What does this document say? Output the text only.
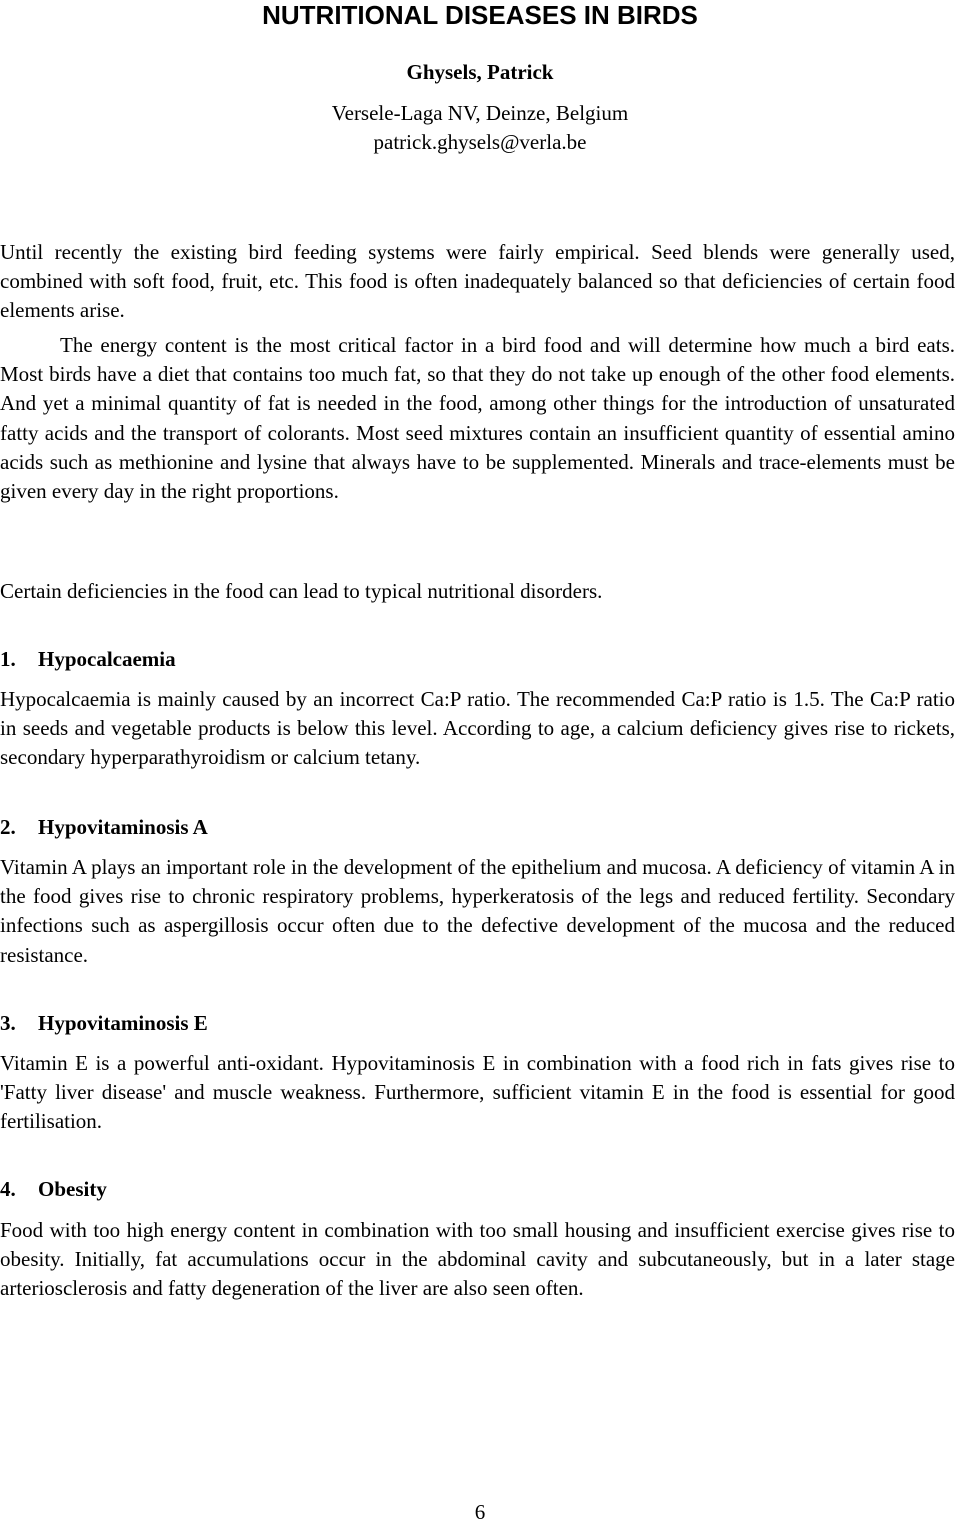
NUTRITIONAL DISEASES IN BIRDS
Ghysels, Patrick
Versele-Laga NV, Deinze, Belgium
patrick.ghysels@verla.be

Until recently the existing bird feeding systems were fairly empirical. Seed blends were generally used, combined with soft food, fruit, etc. This food is often inadequately balanced so that deficiencies of certain food elements arise.

The energy content is the most critical factor in a bird food and will determine how much a bird eats. Most birds have a diet that contains too much fat, so that they do not take up enough of the other food elements. And yet a minimal quantity of fat is needed in the food, among other things for the introduction of unsaturated fatty acids and the transport of colorants. Most seed mixtures contain an insufficient quantity of essential amino acids such as methionine and lysine that always have to be supplemented. Minerals and trace-elements must be given every day in the right proportions.

Certain deficiencies in the food can lead to typical nutritional disorders.

1. Hypocalcaemia

Hypocalcaemia is mainly caused by an incorrect Ca:P ratio. The recommended Ca:P ratio is 1.5. The Ca:P ratio in seeds and vegetable products is below this level. According to age, a calcium deficiency gives rise to rickets, secondary hyperparathyroidism or calcium tetany.

2. Hypovitaminosis A

Vitamin A plays an important role in the development of the epithelium and mucosa. A deficiency of vitamin A in the food gives rise to chronic respiratory problems, hyperkeratosis of the legs and reduced fertility. Secondary infections such as aspergillosis occur often due to the defective development of the mucosa and the reduced resistance.

3. Hypovitaminosis E

Vitamin E is a powerful anti-oxidant. Hypovitaminosis E in combination with a food rich in fats gives rise to 'Fatty liver disease' and muscle weakness. Furthermore, sufficient vitamin E in the food is essential for good fertilisation.

4. Obesity

Food with too high energy content in combination with too small housing and insufficient exercise gives rise to obesity. Initially, fat accumulations occur in the abdominal cavity and subcutaneously, but in a later stage arteriosclerosis and fatty degeneration of the liver are also seen often.

6
